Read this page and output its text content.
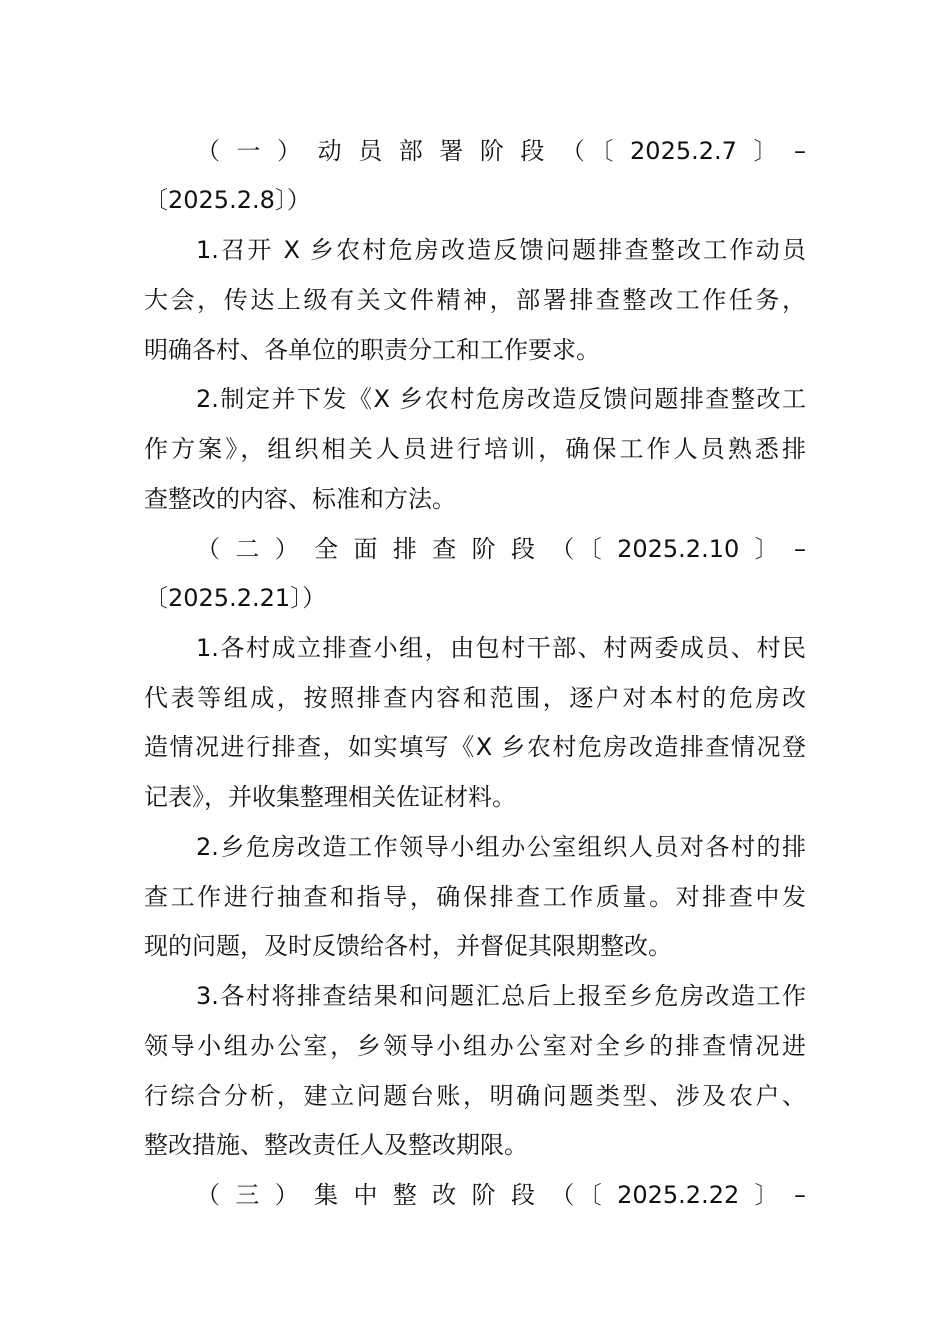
（一）动员部署阶段（〔2025.2.7〕–
〔2025.2.8〕）
1.召开 X 乡农村危房改造反馈问题排查整改工作动员
大会，传达上级有关文件精神，部署排查整改工作任务，
明确各村、各单位的职责分工和工作要求。
2.制定并下发《X 乡农村危房改造反馈问题排查整改工
作方案》，组织相关人员进行培训，确保工作人员熟悉排
查整改的内容、标准和方法。
（二）全面排查阶段（〔2025.2.10〕–
〔2025.2.21〕）
1.各村成立排查小组，由包村干部、村两委成员、村民
代表等组成，按照排查内容和范围，逐户对本村的危房改
造情况进行排查，如实填写《X 乡农村危房改造排查情况登
记表》，并收集整理相关佐证材料。
2.乡危房改造工作领导小组办公室组织人员对各村的排
查工作进行抽查和指导，确保排查工作质量。对排查中发
现的问题，及时反馈给各村，并督促其限期整改。
3.各村将排查结果和问题汇总后上报至乡危房改造工作
领导小组办公室，乡领导小组办公室对全乡的排查情况进
行综合分析，建立问题台账，明确问题类型、涉及农户、
整改措施、整改责任人及整改期限。
（三）集中整改阶段（〔2025.2.22〕–
